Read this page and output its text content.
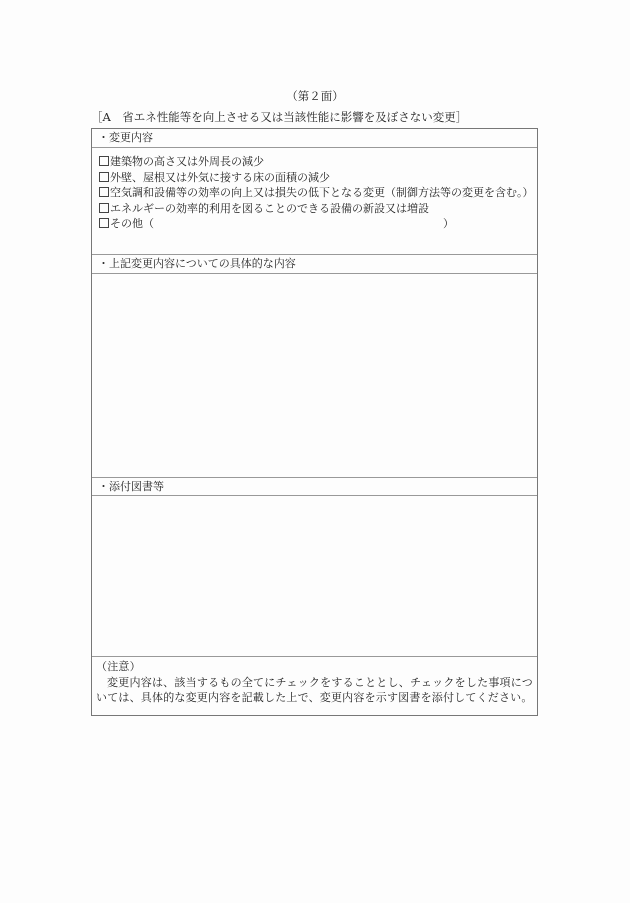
（第２面）
［A　省エネ性能等を向上させる又は当該性能に影響を及ぼさない変更］
・変更内容
建築物の高さ又は外周長の減少
外壁、屋根又は外気に接する床の面積の減少
空気調和設備等の効率の向上又は損失の低下となる変更（制御方法等の変更を含む。）
エネルギーの効率的利用を図ることのできる設備の新設又は増設
その他（	）
・上記変更内容についての具体的な内容
・添付図書等
（注意）
変更内容は、該当するもの全てにチェックをすることとし、チェックをした事項については、具体的な変更内容を記載した上で、変更内容を示す図書を添付してください。
